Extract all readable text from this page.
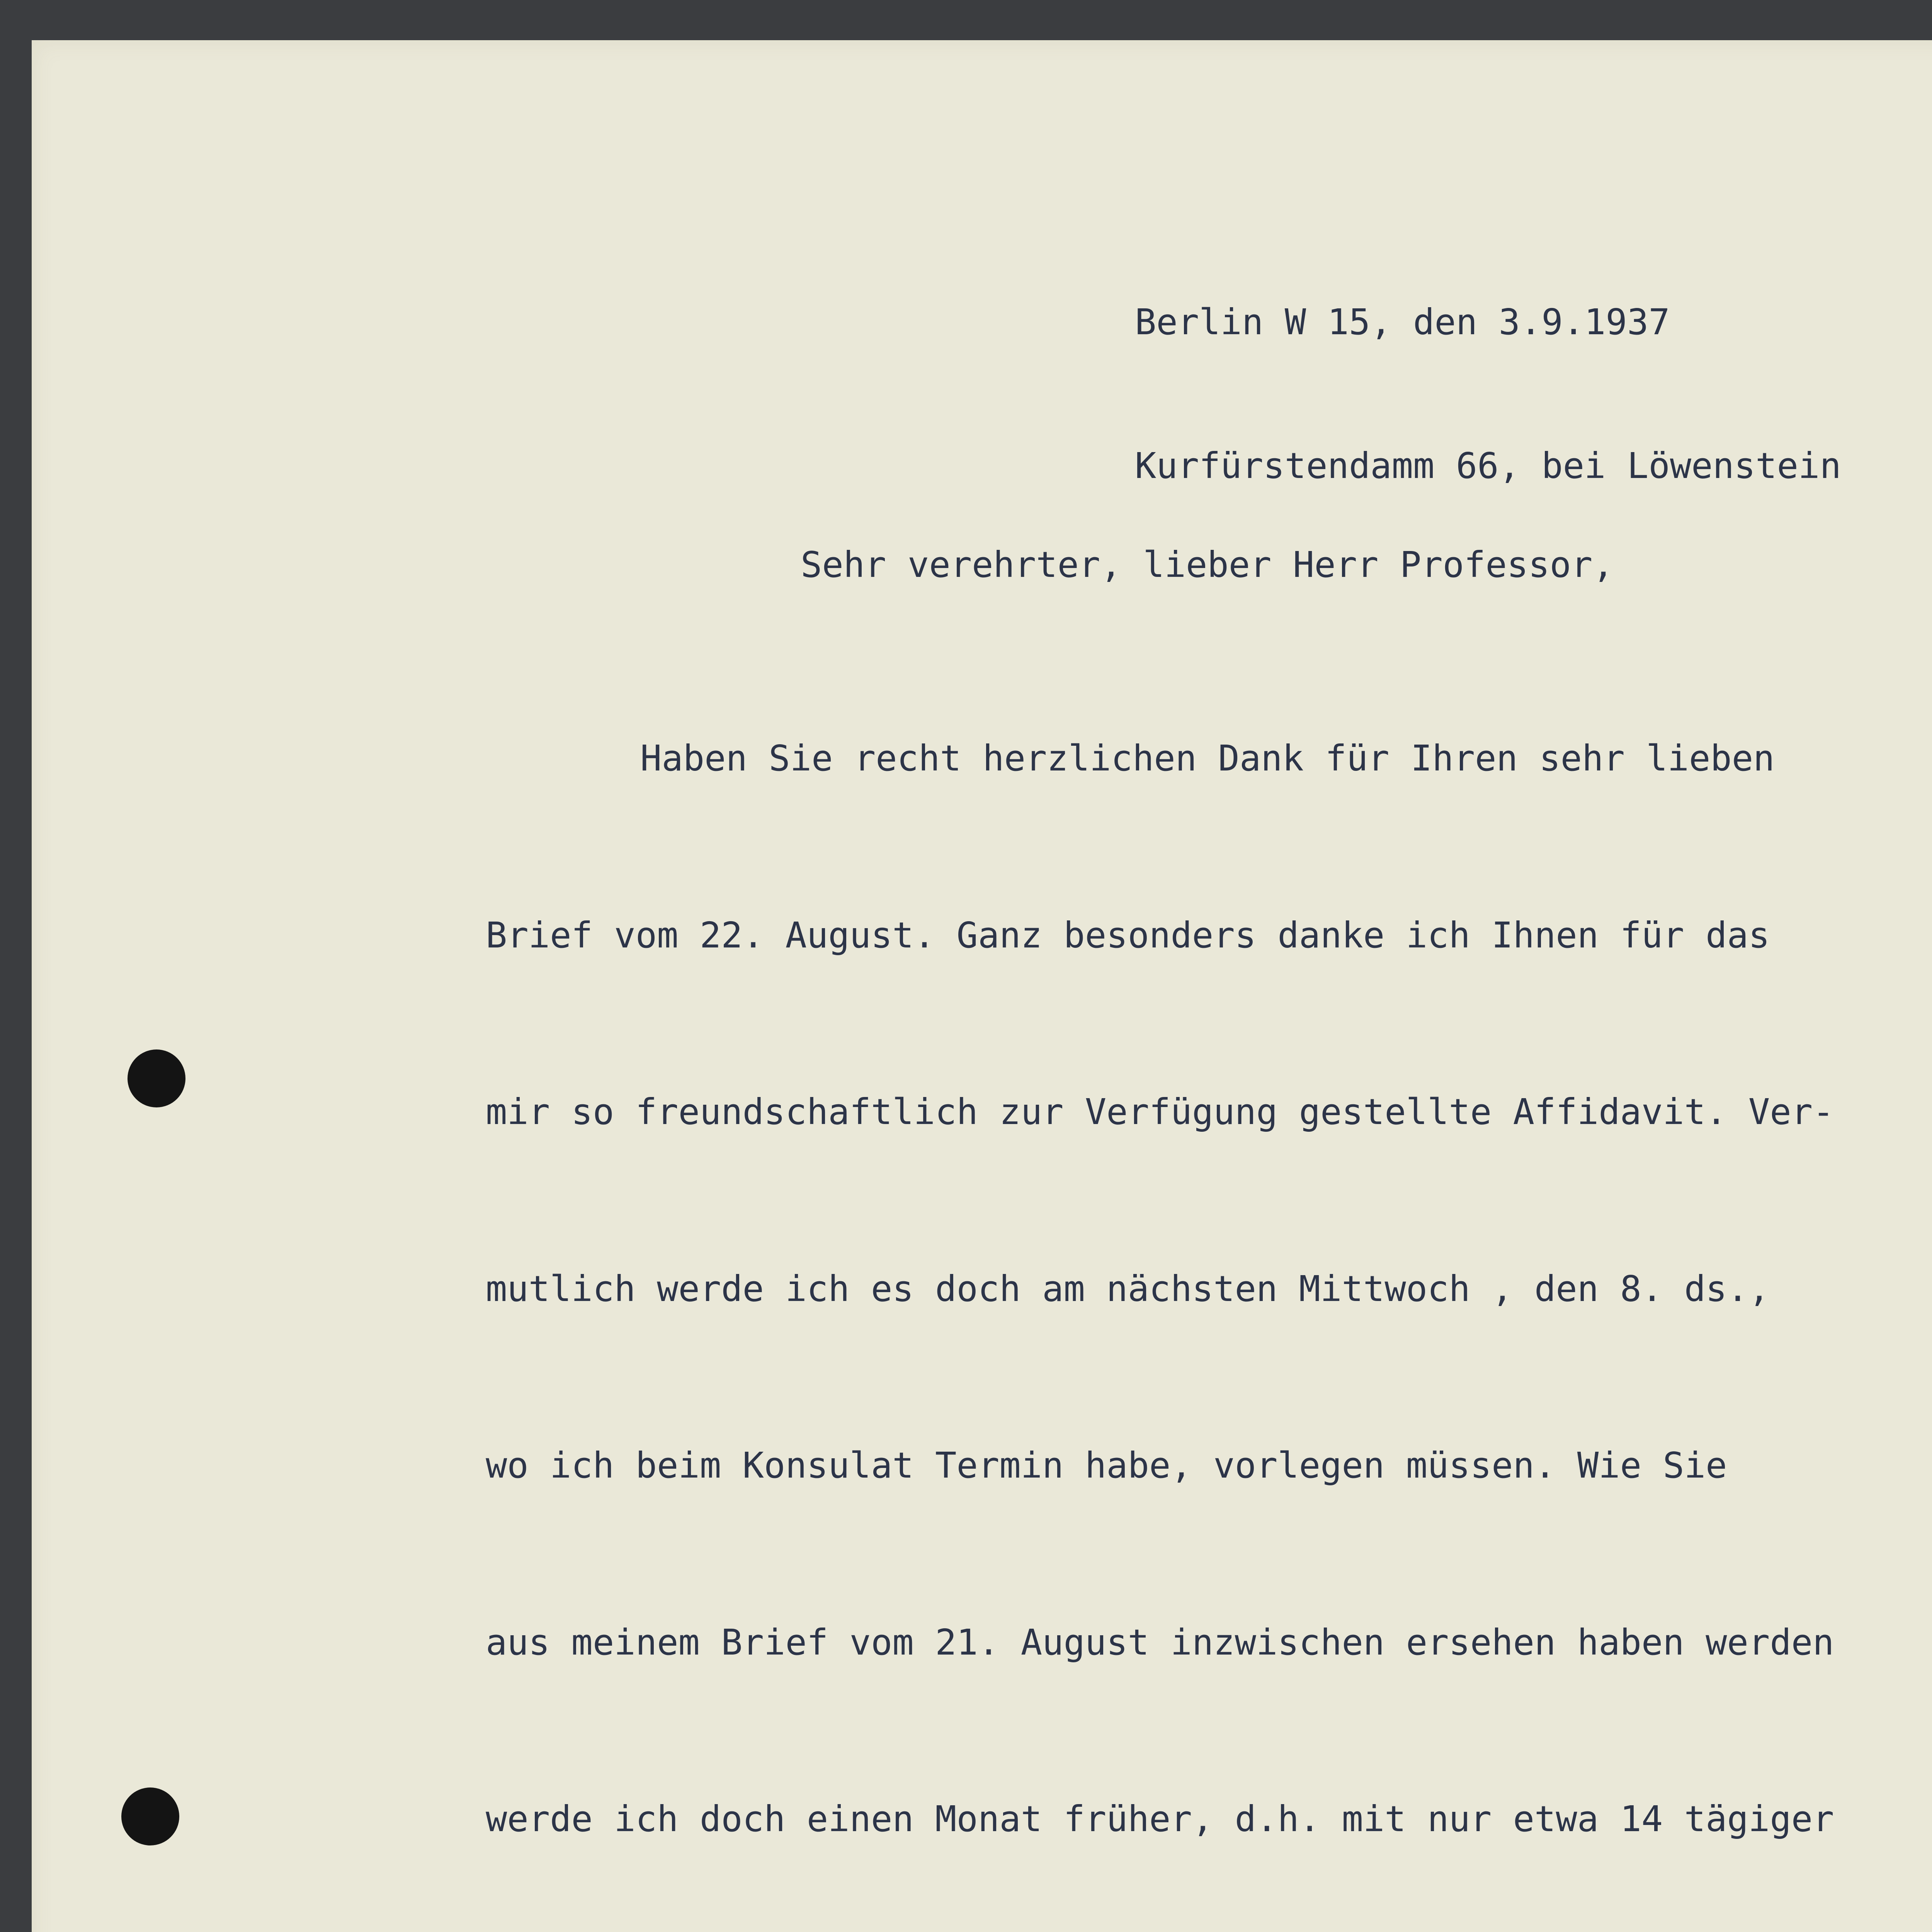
Berlin W 15, den 3.9.1937

Kurfürstendamm 66, bei Löwenstein

Sehr verehrter, lieber Herr Professor,

Haben Sie recht herzlichen Dank für Ihren sehr lieben

Brief vom 22. August. Ganz besonders danke ich Ihnen für das

mir so freundschaftlich zur Verfügung gestellte Affidavit. Ver-

mutlich werde ich es doch am nächsten Mittwoch , den 8. ds.,

wo ich beim Konsulat Termin habe, vorlegen müssen. Wie Sie

aus meinem Brief vom 21. August inzwischen ersehen haben werden

werde ich doch einen Monat früher, d.h. mit nur etwa 14 tägiger
